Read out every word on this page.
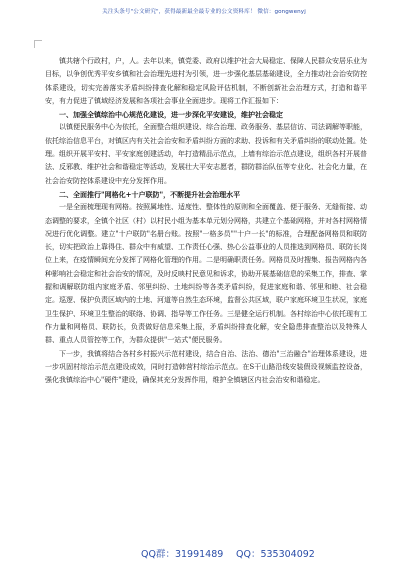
关注头条号"公文研究"，获得最新最全最专业的公文资料库！ 微信：gongwenyj

镇共辖个行政村，户，人。去年以来，镇党委、政府以维护社会大局稳定、保障人民群众安居乐业为目标，以争创优秀平安乡镇和社会治理先进村为引领，进一步强化基层基础建设，全力推动社会治安防控体系建设，切实完善落实矛盾纠纷排查化解和稳定风险评估机制，不断创新社会治理方式，打造和谐平安，有力促进了镇域经济发展和各项社会事业全面进步。现将工作汇报如下：

一、加强全镇综治中心规范化建设，进一步深化平安建设，维护社会稳定

以镇便民服务中心为依托，全面整合组织建设、综合治理、政务服务、基层信访、司法调解等职能，依托综治信息平台，对镇区内有关社会治安和矛盾纠纷方面的求助、投诉和有关矛盾纠纷的联动处置。处理。组织开展平安村、平安家庭创建活动，年打造精品示范点，上墙有综治示范点建设，组织各村开展普法、反邪教、维护社会和谐稳定等活动，发展壮大平安志愿者，群防群治队伍等专业化、社会化力量，在社会治安防控体系建设中充分发挥作用。

二、全面推行"网格化+十户联防"，不断提升社会治理水平

一是全面梳理现有网格。按照属地性、适度性、整体性的原则和全面覆盖、便于服务、无缝衔接、动态调整的要求，全镇个社区（村）以村民小组为基本单元划分网格，共建立个基础网格，并对各村网格情况进行优化调整。建立"十户联防"名册台账。按照"一格多员""十户一长"的标准，合理配备网格员和联防长，切实把政治上靠得住、群众中有威望、工作责任心强、热心公益事业的人员推选到网格员、联防长岗位上来，在疫情瞬间充分发挥了网格化管理的作用。二是明确职责任务。网格员及时搜集、报告网格内各种影响社会稳定和社会治安的情况，及时反映村民意见和诉求，协助开展基础信息的采集工作，排查、掌握和调解联防组内家庭矛盾、邻里纠纷、土地纠纷等各类矛盾纠纷，促进家庭和谐、邻里和睦、社会稳定。巡逻、保护负责区域内的土地、河道等自然生态环境，监督公共区域，联户家庭环境卫生状况，家庭卫生保护、环境卫生整治的联络、协调、指导等工作任务。三是健全运行机制。各村综治中心依托现有工作力量和网格员、联防长，负责做好信息采集上报，矛盾纠纷排查化解，安全隐患排查整治以及特殊人群、重点人员管控等工作，为群众提供"一站式"便民服务。

下一步，我镇将结合各村乡村振兴示范村建设，结合自治、法治、德治"三治融合"治理体系建设，进一步巩固村综治示范点建设成效，同时打造韩营村综治示范点。在S干山路沿线安装假设视频监控设备，强化我镇综治中心"硬件"建设，确保其充分发挥作用，维护全镇辖区内社会治安和谐稳定。

QQ群：31991489 QQ：535304092
